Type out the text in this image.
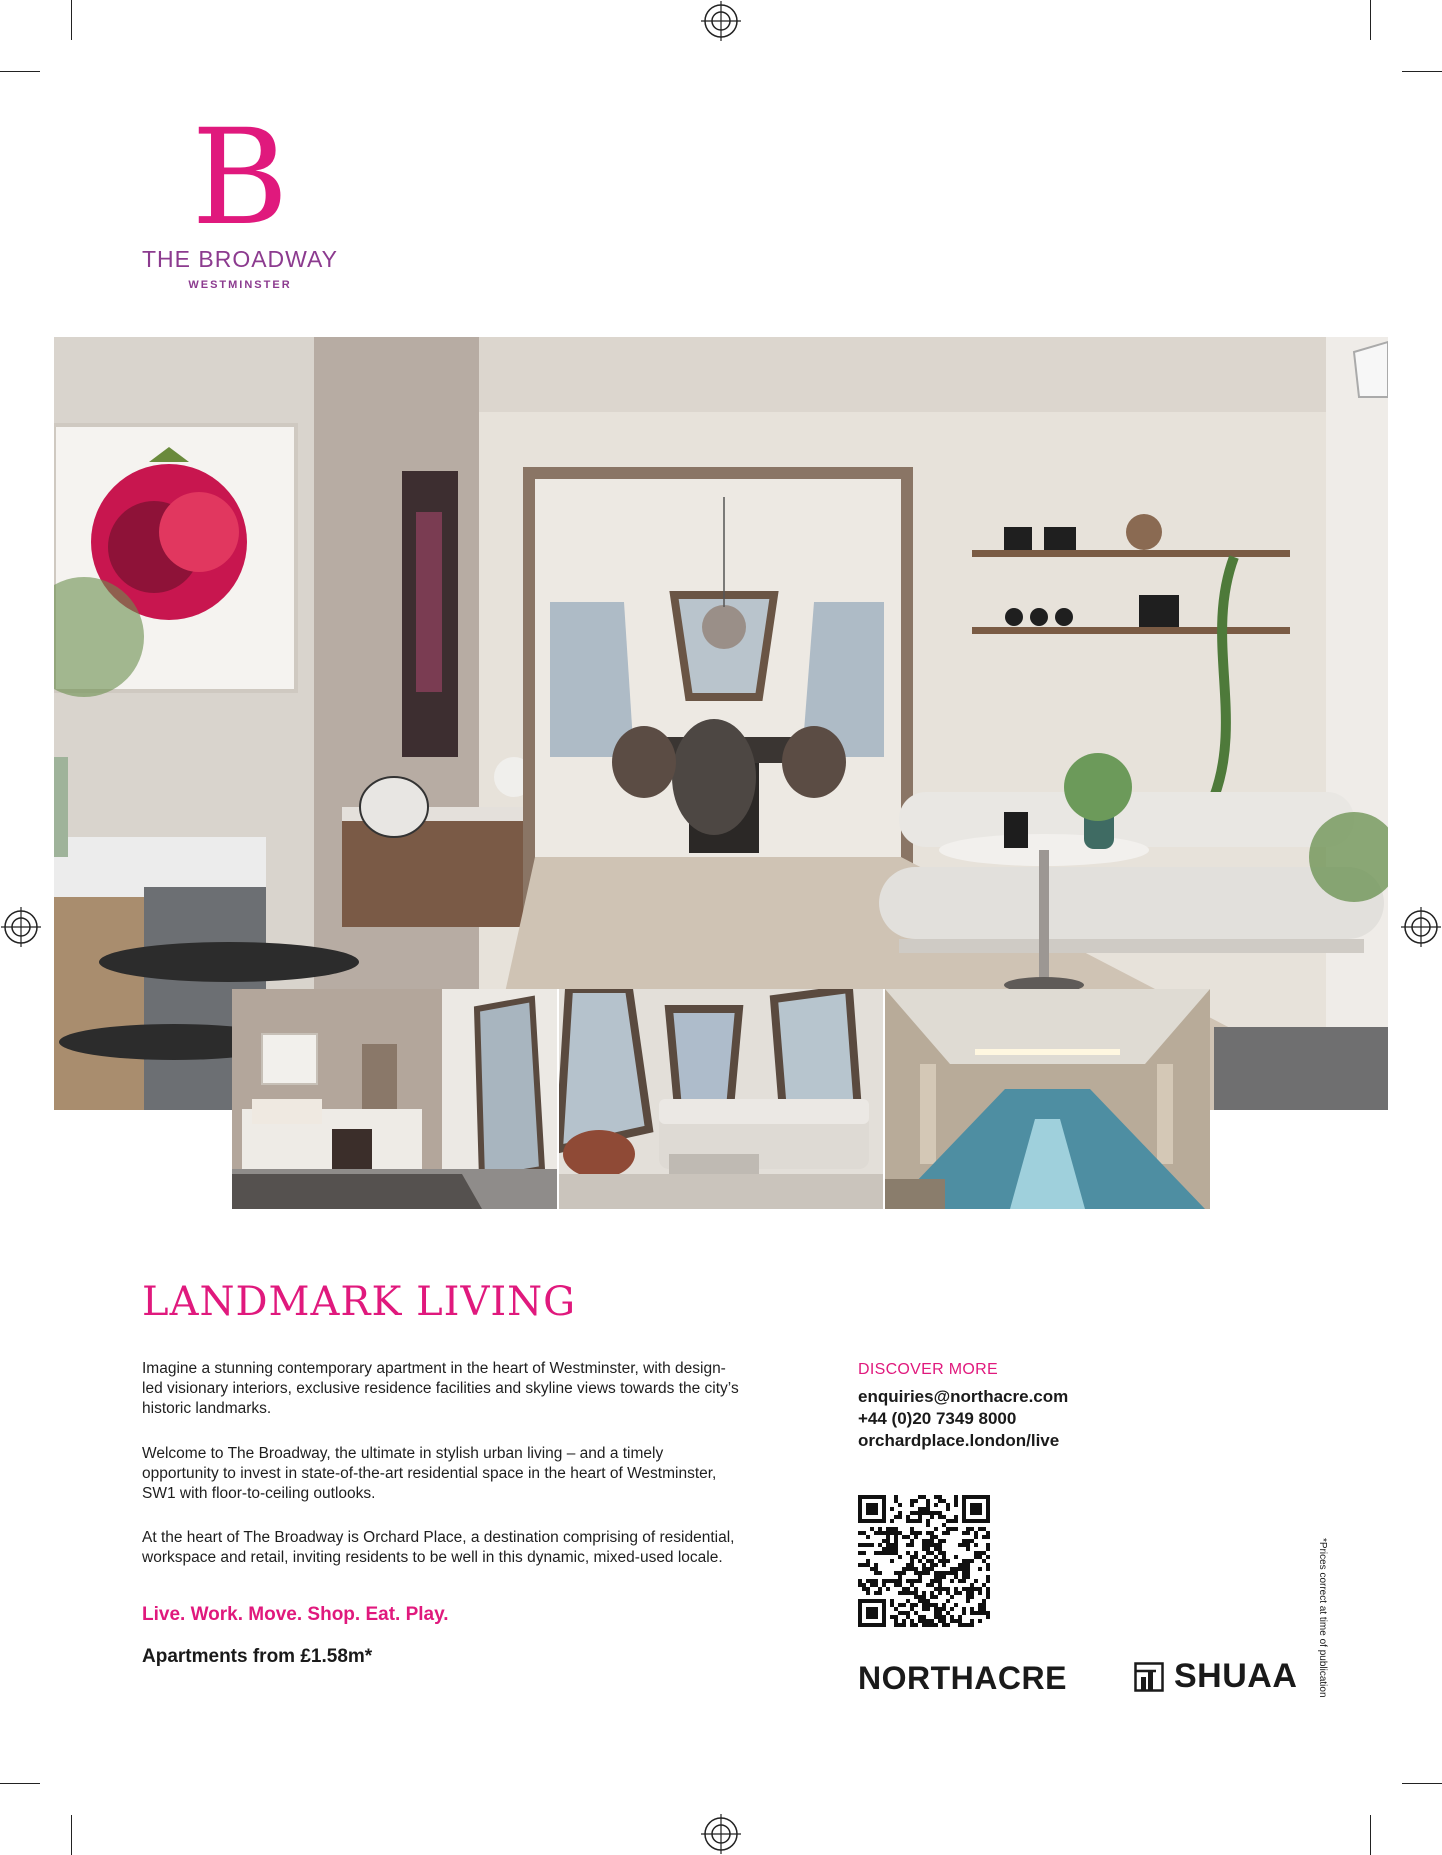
B
THE BROADWAY
WESTMINSTER
LANDMARK LIVING

Imagine a stunning contemporary apartment in the heart of Westminster, with design-led visionary interiors, exclusive residence facilities and skyline views towards the city’s historic landmarks.

Welcome to The Broadway, the ultimate in stylish urban living – and a timely opportunity to invest in state-of-the-art residential space in the heart of Westminster, SW1 with floor-to-ceiling outlooks.

At the heart of The Broadway is Orchard Place, a destination comprising of residential, workspace and retail, inviting residents to be well in this dynamic, mixed-used locale.

Live. Work. Move. Shop. Eat. Play.

Apartments from £1.58m*

DISCOVER MORE

enquiries@northacre.com

+44 (0)20 7349 8000

orchardplace.london/live

NORTHACRE	SHUAA *Prices correct at time of publication
